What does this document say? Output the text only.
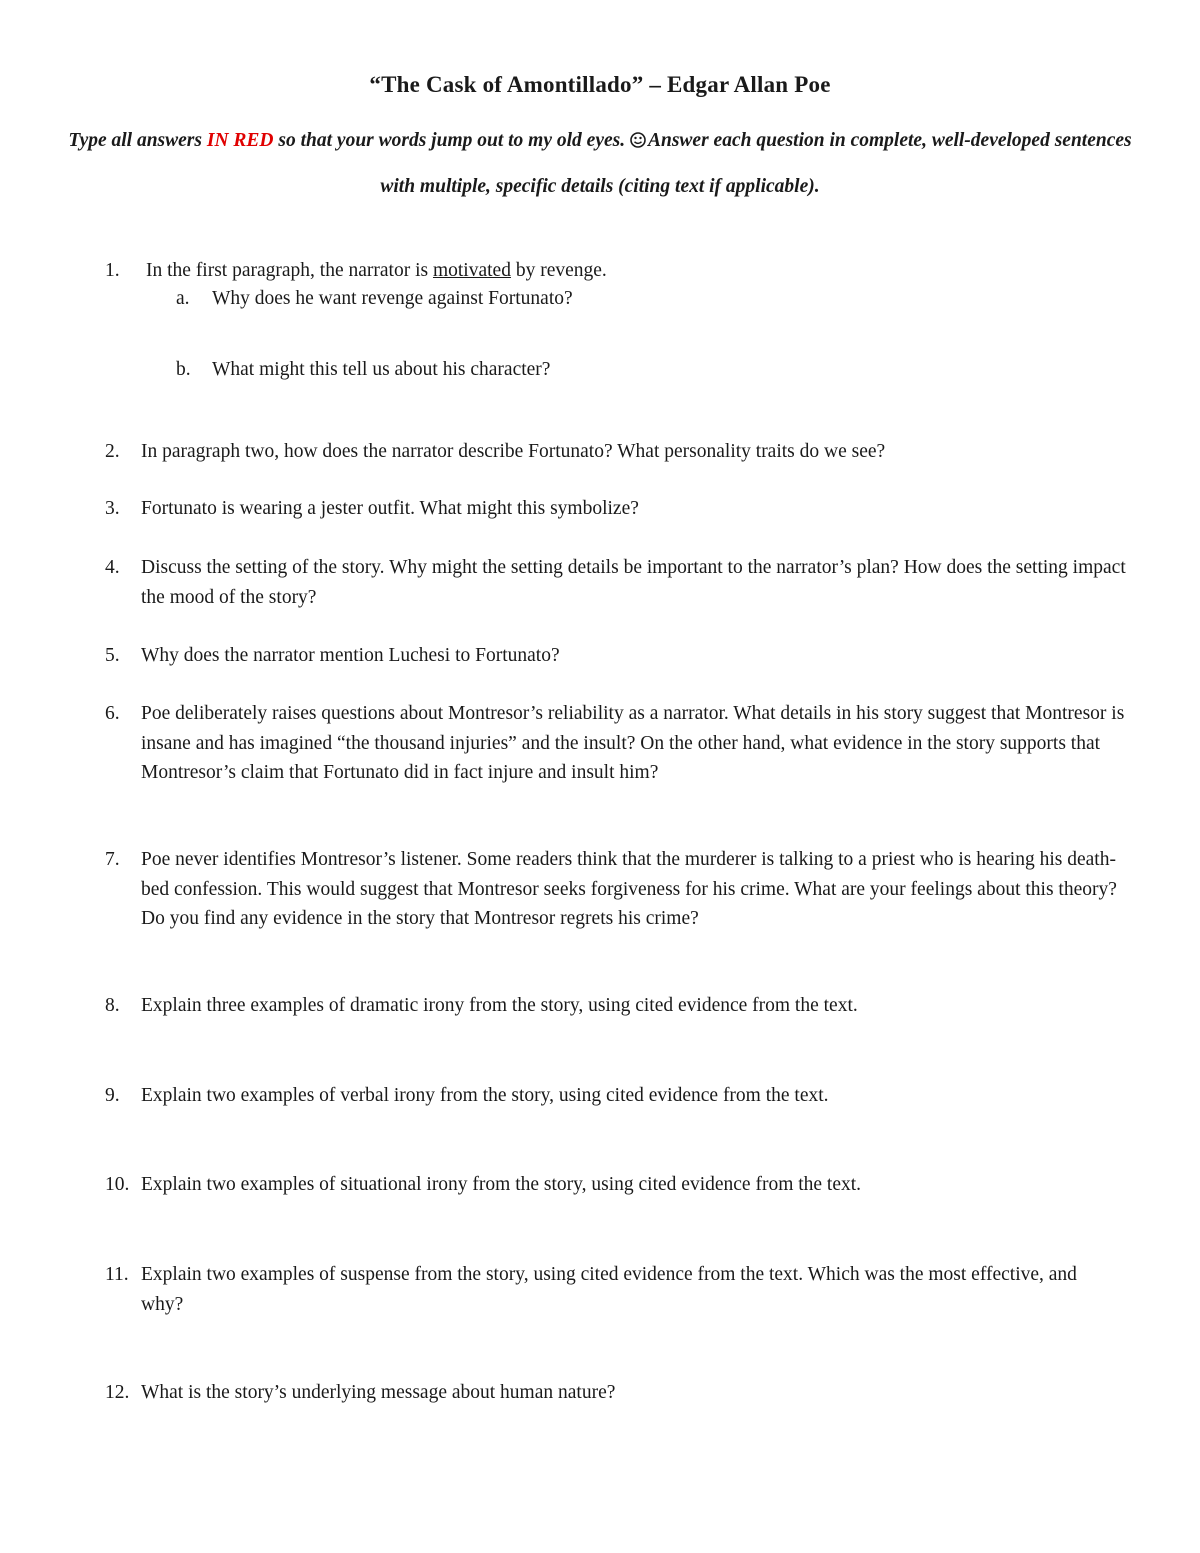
“The Cask of Amontillado” – Edgar Allan Poe
Type all answers IN RED so that your words jump out to my old eyes. Answer each question in complete, well-developed sentences with multiple, specific details (citing text if applicable).
1. In the first paragraph, the narrator is motivated by revenge.
a. Why does he want revenge against Fortunato?
b. What might this tell us about his character?
2. In paragraph two, how does the narrator describe Fortunato? What personality traits do we see?
3. Fortunato is wearing a jester outfit. What might this symbolize?
4. Discuss the setting of the story. Why might the setting details be important to the narrator’s plan? How does the setting impact the mood of the story?
5. Why does the narrator mention Luchesi to Fortunato?
6. Poe deliberately raises questions about Montresor’s reliability as a narrator. What details in his story suggest that Montresor is insane and has imagined “the thousand injuries” and the insult? On the other hand, what evidence in the story supports that Montresor’s claim that Fortunato did in fact injure and insult him?
7. Poe never identifies Montresor’s listener. Some readers think that the murderer is talking to a priest who is hearing his death-bed confession. This would suggest that Montresor seeks forgiveness for his crime. What are your feelings about this theory? Do you find any evidence in the story that Montresor regrets his crime?
8. Explain three examples of dramatic irony from the story, using cited evidence from the text.
9. Explain two examples of verbal irony from the story, using cited evidence from the text.
10. Explain two examples of situational irony from the story, using cited evidence from the text.
11. Explain two examples of suspense from the story, using cited evidence from the text. Which was the most effective, and why?
12. What is the story’s underlying message about human nature?
